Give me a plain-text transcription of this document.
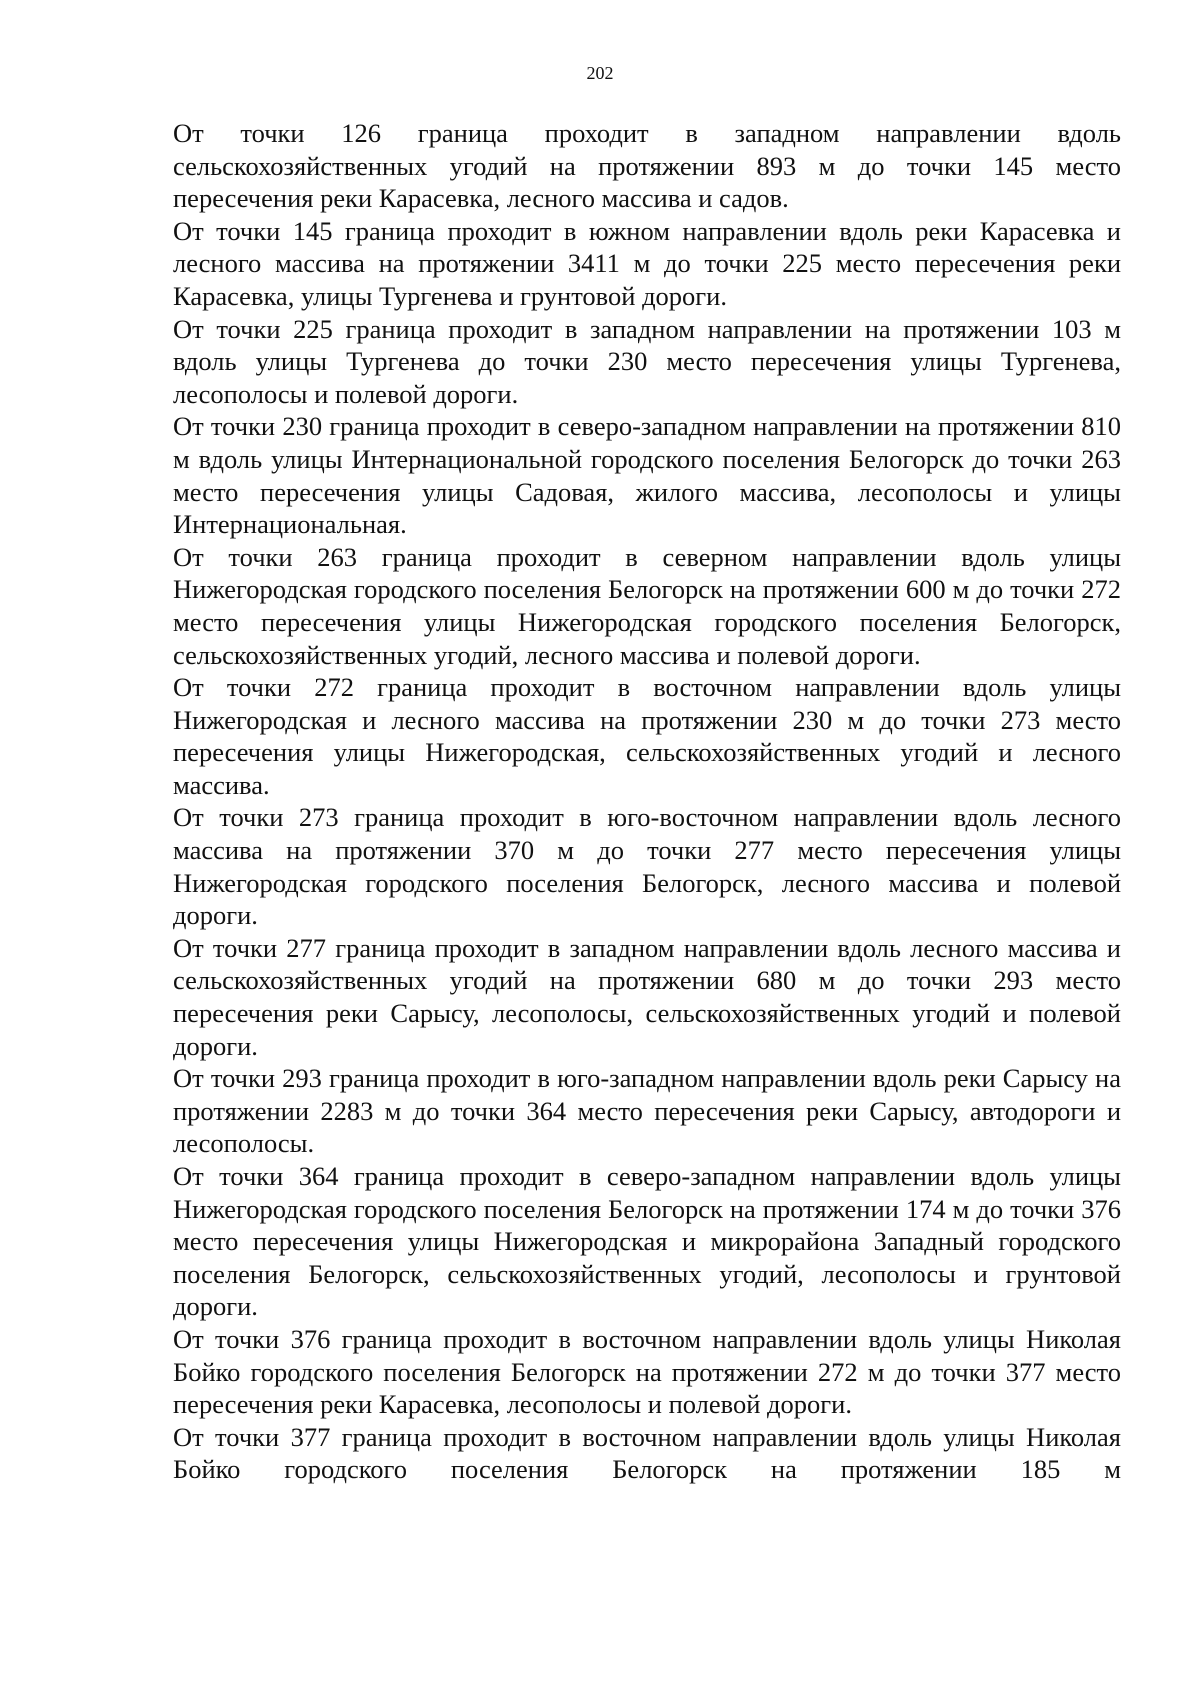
202

От точки 126 граница проходит в западном направлении вдоль сельскохозяйственных угодий на протяжении 893 м до точки 145 место пересечения реки Карасевка, лесного массива и садов.

От точки 145 граница проходит в южном направлении вдоль реки Карасевка и лесного массива на протяжении 3411 м до точки 225 место пересечения реки Карасевка, улицы Тургенева и грунтовой дороги.

От точки 225 граница проходит в западном направлении на протяжении 103 м вдоль улицы Тургенева до точки 230 место пересечения улицы Тургенева, лесополосы и полевой дороги.

От точки 230 граница проходит в северо-западном направлении на протяжении 810 м вдоль улицы Интернациональной городского поселения Белогорск до точки 263 место пересечения улицы Садовая, жилого массива, лесополосы и улицы Интернациональная.

От точки 263 граница проходит в северном направлении вдоль улицы Нижегородская городского поселения Белогорск на протяжении 600 м до точки 272 место пересечения улицы Нижегородская городского поселения Белогорск, сельскохозяйственных угодий, лесного массива и полевой дороги.

От точки 272 граница проходит в восточном направлении вдоль улицы Нижегородская и лесного массива на протяжении 230 м до точки 273 место пересечения улицы Нижегородская, сельскохозяйственных угодий и лесного массива.

От точки 273 граница проходит в юго-восточном направлении вдоль лесного массива на протяжении 370 м до точки 277 место пересечения улицы Нижегородская городского поселения Белогорск, лесного массива и полевой дороги.

От точки 277 граница проходит в западном направлении вдоль лесного массива и сельскохозяйственных угодий на протяжении 680 м до точки 293 место пересечения реки Сарысу, лесополосы, сельскохозяйственных угодий и полевой дороги.

От точки 293 граница проходит в юго-западном направлении вдоль реки Сарысу на протяжении 2283 м до точки 364 место пересечения реки Сарысу, автодороги и лесополосы.

От точки 364 граница проходит в северо-западном направлении вдоль улицы Нижегородская городского поселения Белогорск на протяжении 174 м до точки 376 место пересечения улицы Нижегородская и микрорайона Западный городского поселения Белогорск, сельскохозяйственных угодий, лесополосы и грунтовой дороги.

От точки 376 граница проходит в восточном направлении вдоль улицы Николая Бойко городского поселения Белогорск на протяжении 272 м до точки 377 место пересечения реки Карасевка, лесополосы и полевой дороги.

От точки 377 граница проходит в восточном направлении вдоль улицы Николая Бойко городского поселения Белогорск на протяжении 185 м
